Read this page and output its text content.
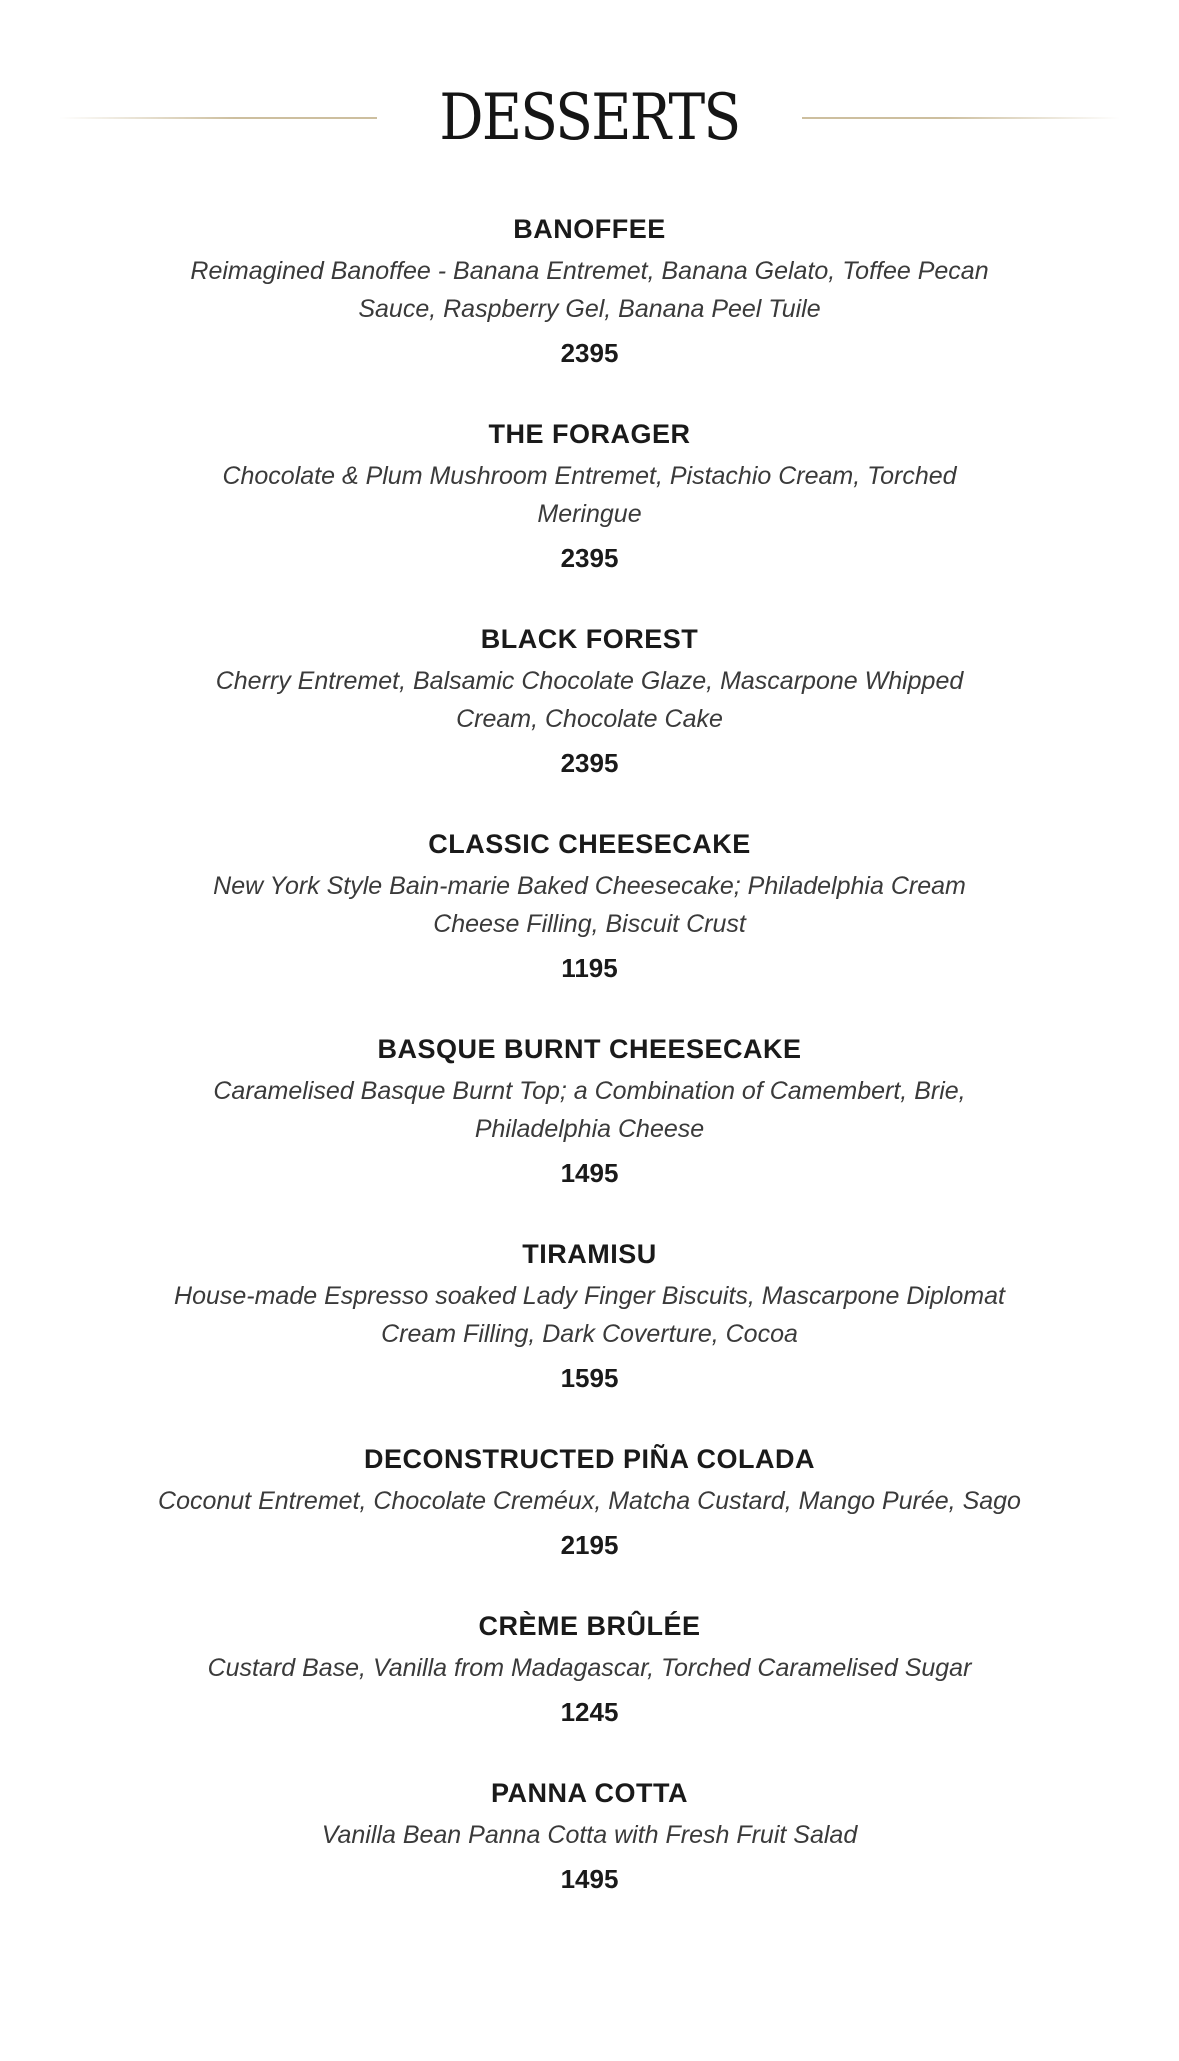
DESSERTS
BANOFFEE
Reimagined Banoffee - Banana Entremet, Banana Gelato, Toffee Pecan
Sauce, Raspberry Gel, Banana Peel Tuile
2395
THE FORAGER
Chocolate & Plum Mushroom Entremet, Pistachio Cream, Torched
Meringue
2395
BLACK FOREST
Cherry Entremet, Balsamic Chocolate Glaze, Mascarpone Whipped
Cream, Chocolate Cake
2395
CLASSIC CHEESECAKE
New York Style Bain-marie Baked Cheesecake; Philadelphia Cream
Cheese Filling, Biscuit Crust
1195
BASQUE BURNT CHEESECAKE
Caramelised Basque Burnt Top; a Combination of Camembert, Brie,
Philadelphia Cheese
1495
TIRAMISU
House-made Espresso soaked Lady Finger Biscuits, Mascarpone Diplomat
Cream Filling, Dark Coverture, Cocoa
1595
DECONSTRUCTED PIÑA COLADA
Coconut Entremet, Chocolate Creméux, Matcha Custard, Mango Purée, Sago
2195
CRÈME BRÛLÉE
Custard Base, Vanilla from Madagascar, Torched Caramelised Sugar
1245
PANNA COTTA
Vanilla Bean Panna Cotta with Fresh Fruit Salad
1495
